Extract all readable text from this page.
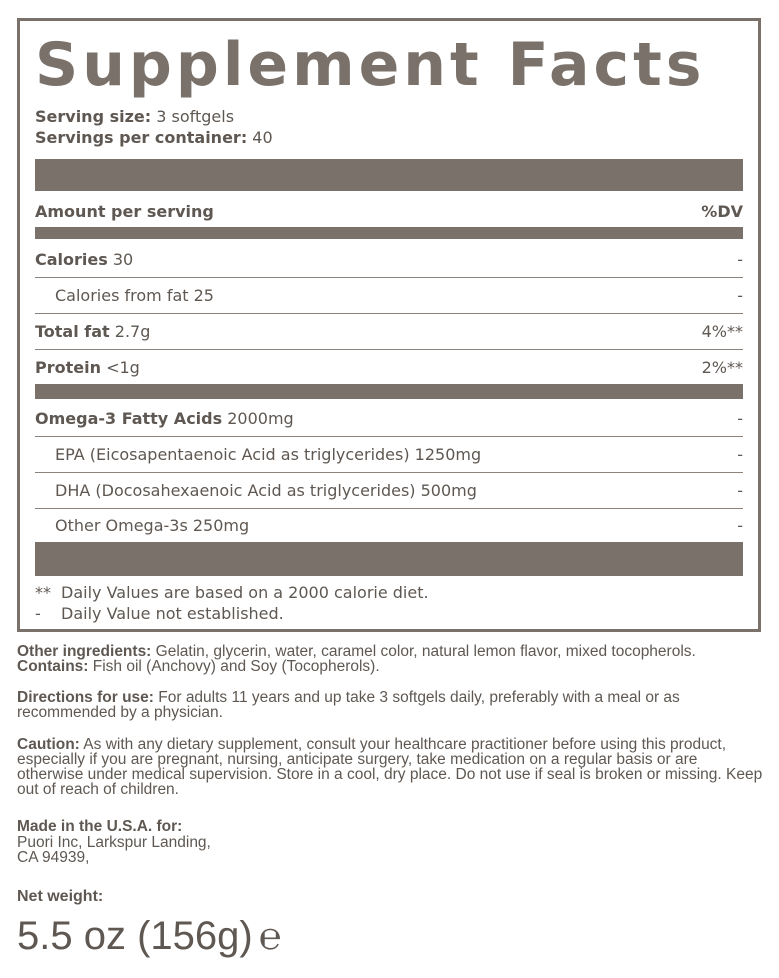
Supplement Facts
Serving size: 3 softgels
Servings per container: 40
Amount per serving	%DV
Calories 30	-
Calories from fat 25	-
Total fat 2.7g	4%**
Protein <1g	2%**
Omega-3 Fatty Acids 2000mg	-
EPA (Eicosapentaenoic Acid as triglycerides) 1250mg	-
DHA (Docosahexaenoic Acid as triglycerides) 500mg	-
Other Omega-3s 250mg	-
** Daily Values are based on a 2000 calorie diet.
- Daily Value not established.
Other ingredients: Gelatin, glycerin, water, caramel color, natural lemon flavor, mixed tocopherols. Contains: Fish oil (Anchovy) and Soy (Tocopherols).
Directions for use: For adults 11 years and up take 3 softgels daily, preferably with a meal or as recommended by a physician.
Caution: As with any dietary supplement, consult your healthcare practitioner before using this product, especially if you are pregnant, nursing, anticipate surgery, take medication on a regular basis or are otherwise under medical supervision. Store in a cool, dry place. Do not use if seal is broken or missing. Keep out of reach of children.
Made in the U.S.A. for:
Puori Inc, Larkspur Landing,
CA 94939,
Net weight:
5.5 oz (156g) ℮
